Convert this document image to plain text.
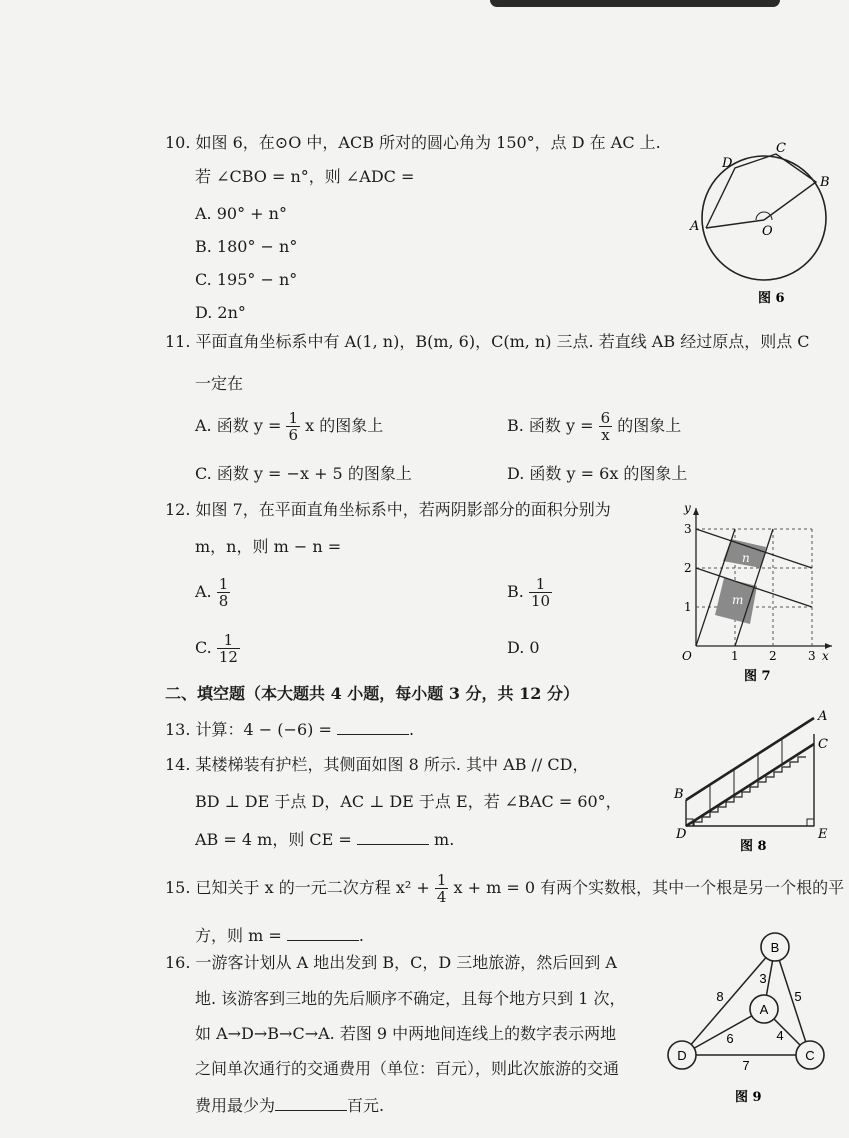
10. 如图 6，在⊙O 中，ACB 所对的圆心角为 150°，点 D 在 AC 上.
若 ∠CBO = n°，则 ∠ADC =
A. 90° + n°
B. 180° − n°
C. 195° − n°
D. 2n°
D
C
B
A	O
图 6
11. 平面直角坐标系中有 A(1, n)，B(m, 6)，C(m, n) 三点. 若直线 AB 经过原点，则点 C
一定在
A. 函数 $y = \frac{1}{6}$ x 的图象上	B. 函数 $y = \frac{6}{x}$ 的图象上
C. 函数 y = −x + 5 的图象上	D. 函数 y = 6x 的图象上
12. 如图 7，在平面直角坐标系中，若两阴影部分的面积分别为
m，n，则 m − n =
A. $\frac{1}{8}$	B. $\frac{1}{10}$
C. $\frac{1}{12}$	D. 0
y
3
2
1
O	1	2	3 x
n
m
图 7
二、填空题（本大题共 4 小题，每小题 3 分，共 12 分）
13. 计算：4 − (−6) =	.
14. 某楼梯装有护栏，其侧面如图 8 所示. 其中 AB // CD，
BD ⊥ DE 于点 D，AC ⊥ DE 于点 E，若 ∠BAC = 60°，
AB = 4 m，则 CE =	m.
A
C
B
D	E
图 8
15. 已知关于 x 的一元二次方程 $x^2 + \frac{1}{4}$ x + m = 0 有两个实数根，其中一个根是另一个根的平
方，则 m =	.
16. 一游客计划从 A 地出发到 B，C，D 三地旅游，然后回到 A
地. 该游客到三地的先后顺序不确定，且每个地方只到 1 次，
如 A→D→B→C→A. 若图 9 中两地间连线上的数字表示两地
之间单次通行的交通费用（单位：百元），则此次旅游的交通
费用最少为	百元.
B
A
D	C
3
8	5
6	4
7
图 9
